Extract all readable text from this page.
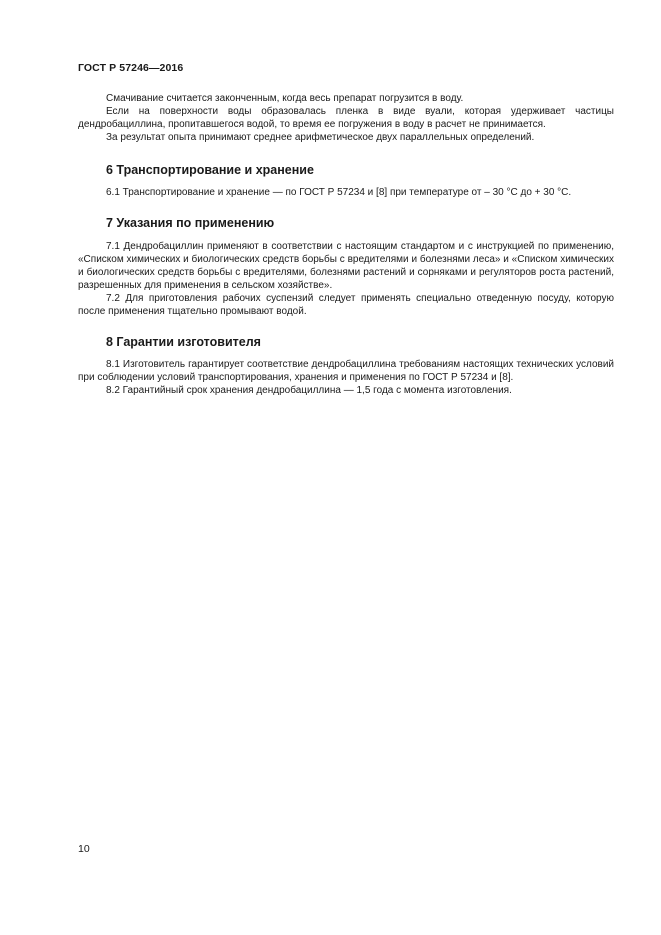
ГОСТ Р 57246—2016

Смачивание считается законченным, когда весь препарат погрузится в воду.

Если на поверхности воды образовалась пленка в виде вуали, которая удерживает частицы дендробациллина, пропитавшегося водой, то время ее погружения в воду в расчет не принимается.

За результат опыта принимают среднее арифметическое двух параллельных определений.

6 Транспортирование и хранение

6.1 Транспортирование и хранение — по ГОСТ Р 57234 и [8] при температуре от – 30 °С до + 30 °С.

7 Указания по применению

7.1 Дендробациллин применяют в соответствии с настоящим стандартом и с инструкцией по применению, «Списком химических и биологических средств борьбы с вредителями и болезнями леса» и «Списком химических и биологических средств борьбы с вредителями, болезнями растений и сорняками и регуляторов роста растений, разрешенных для применения в сельском хозяйстве».

7.2 Для приготовления рабочих суспензий следует применять специально отведенную посуду, которую после применения тщательно промывают водой.

8 Гарантии изготовителя

8.1 Изготовитель гарантирует соответствие дендробациллина требованиям настоящих технических условий при соблюдении условий транспортирования, хранения и применения по ГОСТ Р 57234 и [8].

8.2 Гарантийный срок хранения дендробациллина — 1,5 года с момента изготовления.

10
